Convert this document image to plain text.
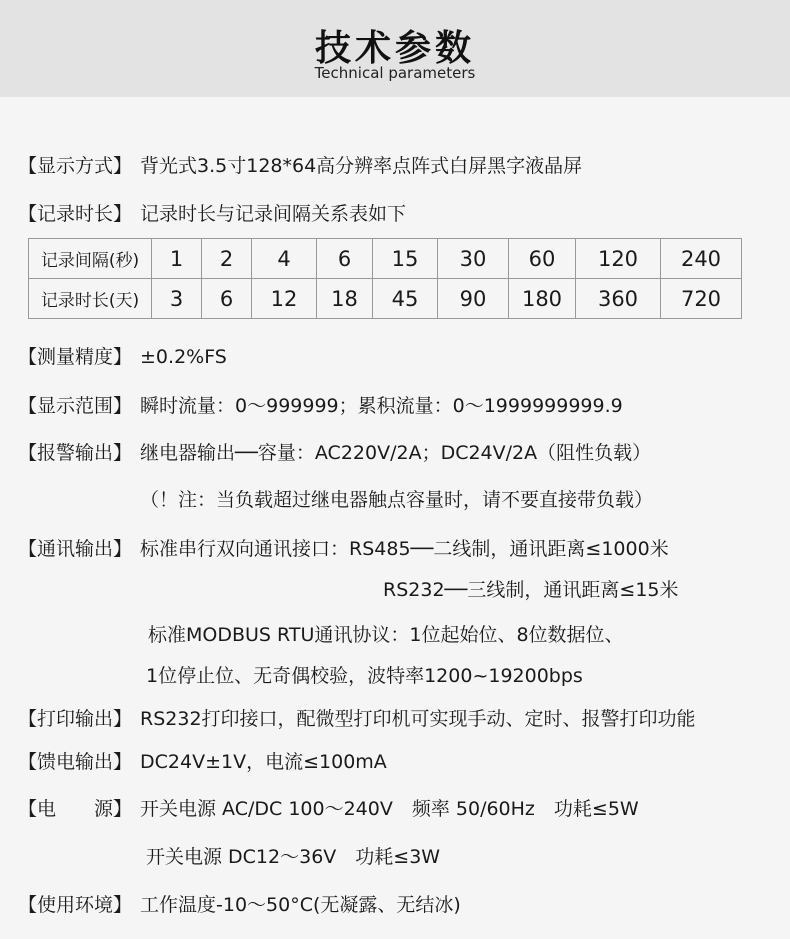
技术参数
Technical parameters
【显示方式】 背光式3.5寸128*64高分辨率点阵式白屏黑字液晶屏
【记录时长】 记录时长与记录间隔关系表如下
记录间隔(秒)	1	2	4	6	15	30	60	120	240
记录时长(天)	3	6	12	18	45	90	180	360	720
【测量精度】 ±0.2%FS
【显示范围】 瞬时流量：0～999999；累积流量：0～1999999999.9
【报警输出】 继电器输出──容量：AC220V/2A；DC24V/2A（阻性负载）
（！注：当负载超过继电器触点容量时，请不要直接带负载）
【通讯输出】 标准串行双向通讯接口：RS485──二线制，通讯距离≤1000米
RS232──三线制，通讯距离≤15米
标准MODBUS RTU通讯协议：1位起始位、8位数据位、
1位停止位、无奇偶校验，波特率1200~19200bps
【打印输出】 RS232打印接口，配微型打印机可实现手动、定时、报警打印功能
【馈电输出】 DC24V±1V，电流≤100mA
【电　　源】 开关电源 AC/DC 100～240V　频率 50/60Hz　功耗≤5W
开关电源 DC12～36V　功耗≤3W
【使用环境】 工作温度-10～50°C(无凝露、无结冰)
